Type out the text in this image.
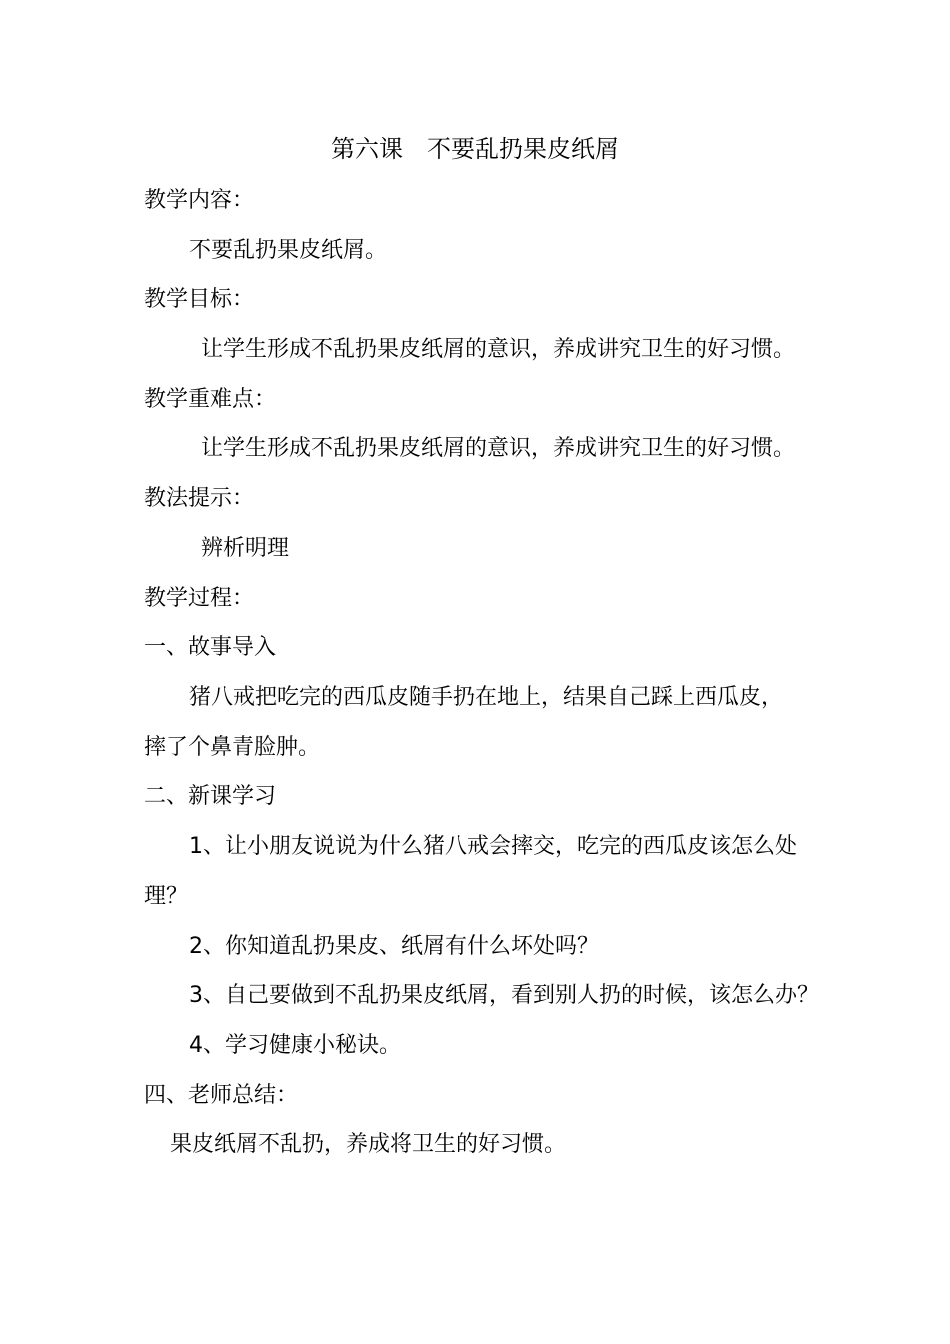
第六课　不要乱扔果皮纸屑
教学内容：
不要乱扔果皮纸屑。
教学目标：
让学生形成不乱扔果皮纸屑的意识，养成讲究卫生的好习惯。
教学重难点：
让学生形成不乱扔果皮纸屑的意识，养成讲究卫生的好习惯。
教法提示：
辨析明理
教学过程：
一、故事导入
猪八戒把吃完的西瓜皮随手扔在地上，结果自己踩上西瓜皮，
摔了个鼻青脸肿。
二、新课学习
1、让小朋友说说为什么猪八戒会摔交，吃完的西瓜皮该怎么处
理？
2、你知道乱扔果皮、纸屑有什么坏处吗？
3、自己要做到不乱扔果皮纸屑，看到别人扔的时候，该怎么办？
4、学习健康小秘诀。
四、老师总结：
果皮纸屑不乱扔，养成将卫生的好习惯。
